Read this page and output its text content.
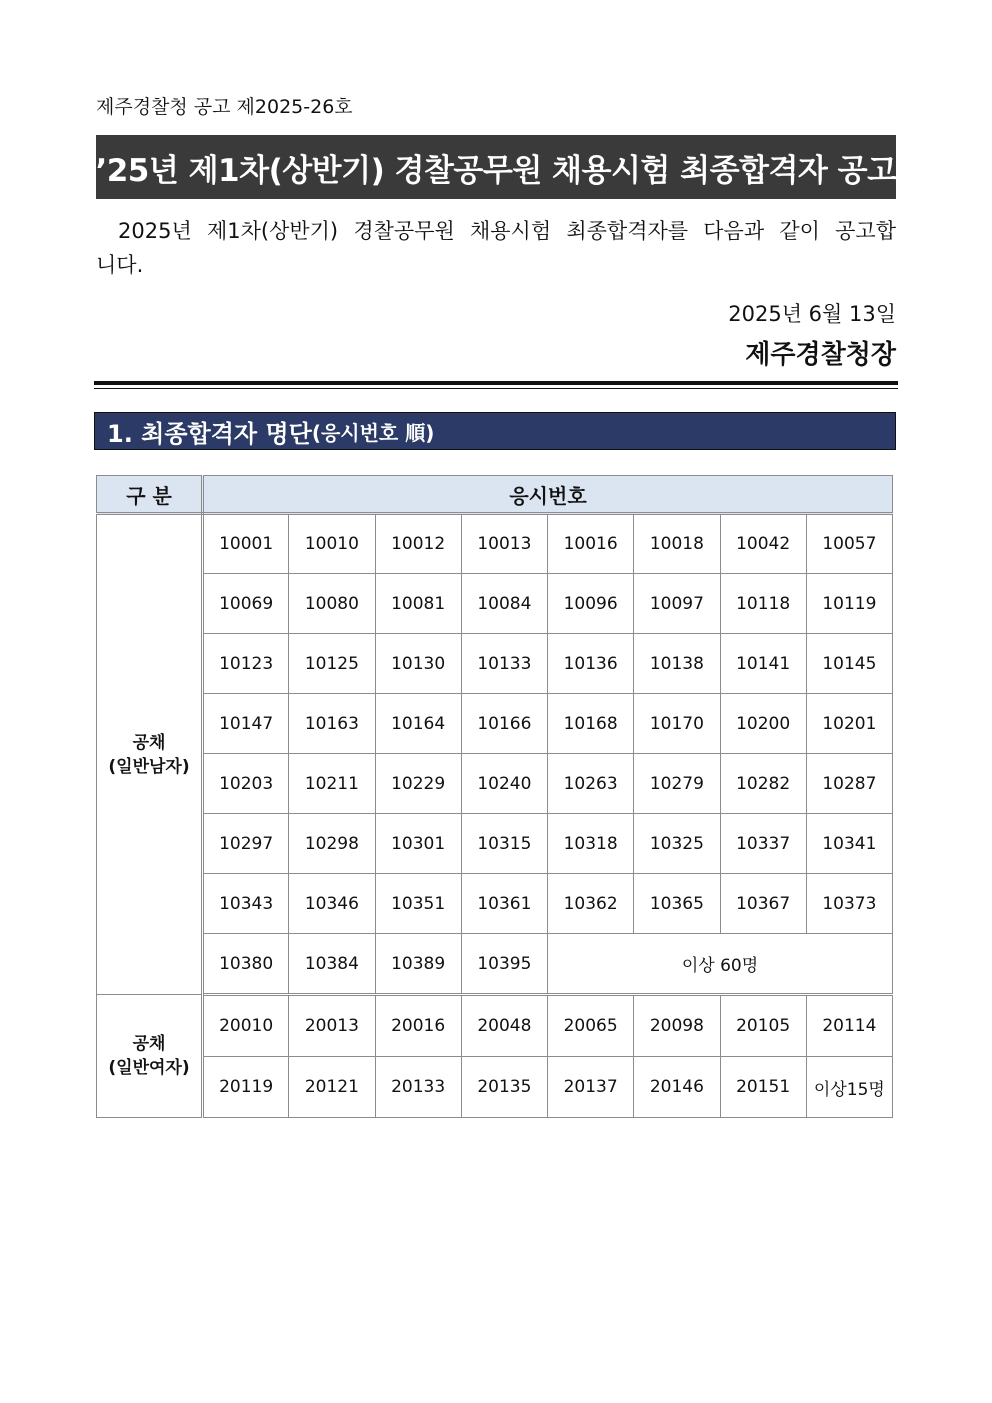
제주경찰청 공고 제2025-26호
’25년 제1차(상반기) 경찰공무원 채용시험 최종합격자 공고
2025년 제1차(상반기) 경찰공무원 채용시험 최종합격자를 다음과 같이 공고합니다.
2025년 6월 13일
제주경찰청장
1. 최종합격자 명단 (응시번호 順)
구 분	응시번호							
공채
(일반남자)	10001	10010	10012	10013	10016	10018	10042	10057
	10069	10080	10081	10084	10096	10097	10118	10119
	10123	10125	10130	10133	10136	10138	10141	10145
	10147	10163	10164	10166	10168	10170	10200	10201
	10203	10211	10229	10240	10263	10279	10282	10287
	10297	10298	10301	10315	10318	10325	10337	10341
	10343	10346	10351	10361	10362	10365	10367	10373
	10380	10384	10389	10395	이상 60명			
공채
(일반여자)	20010	20013	20016	20048	20065	20098	20105	20114
	20119	20121	20133	20135	20137	20146	20151	이상15명
